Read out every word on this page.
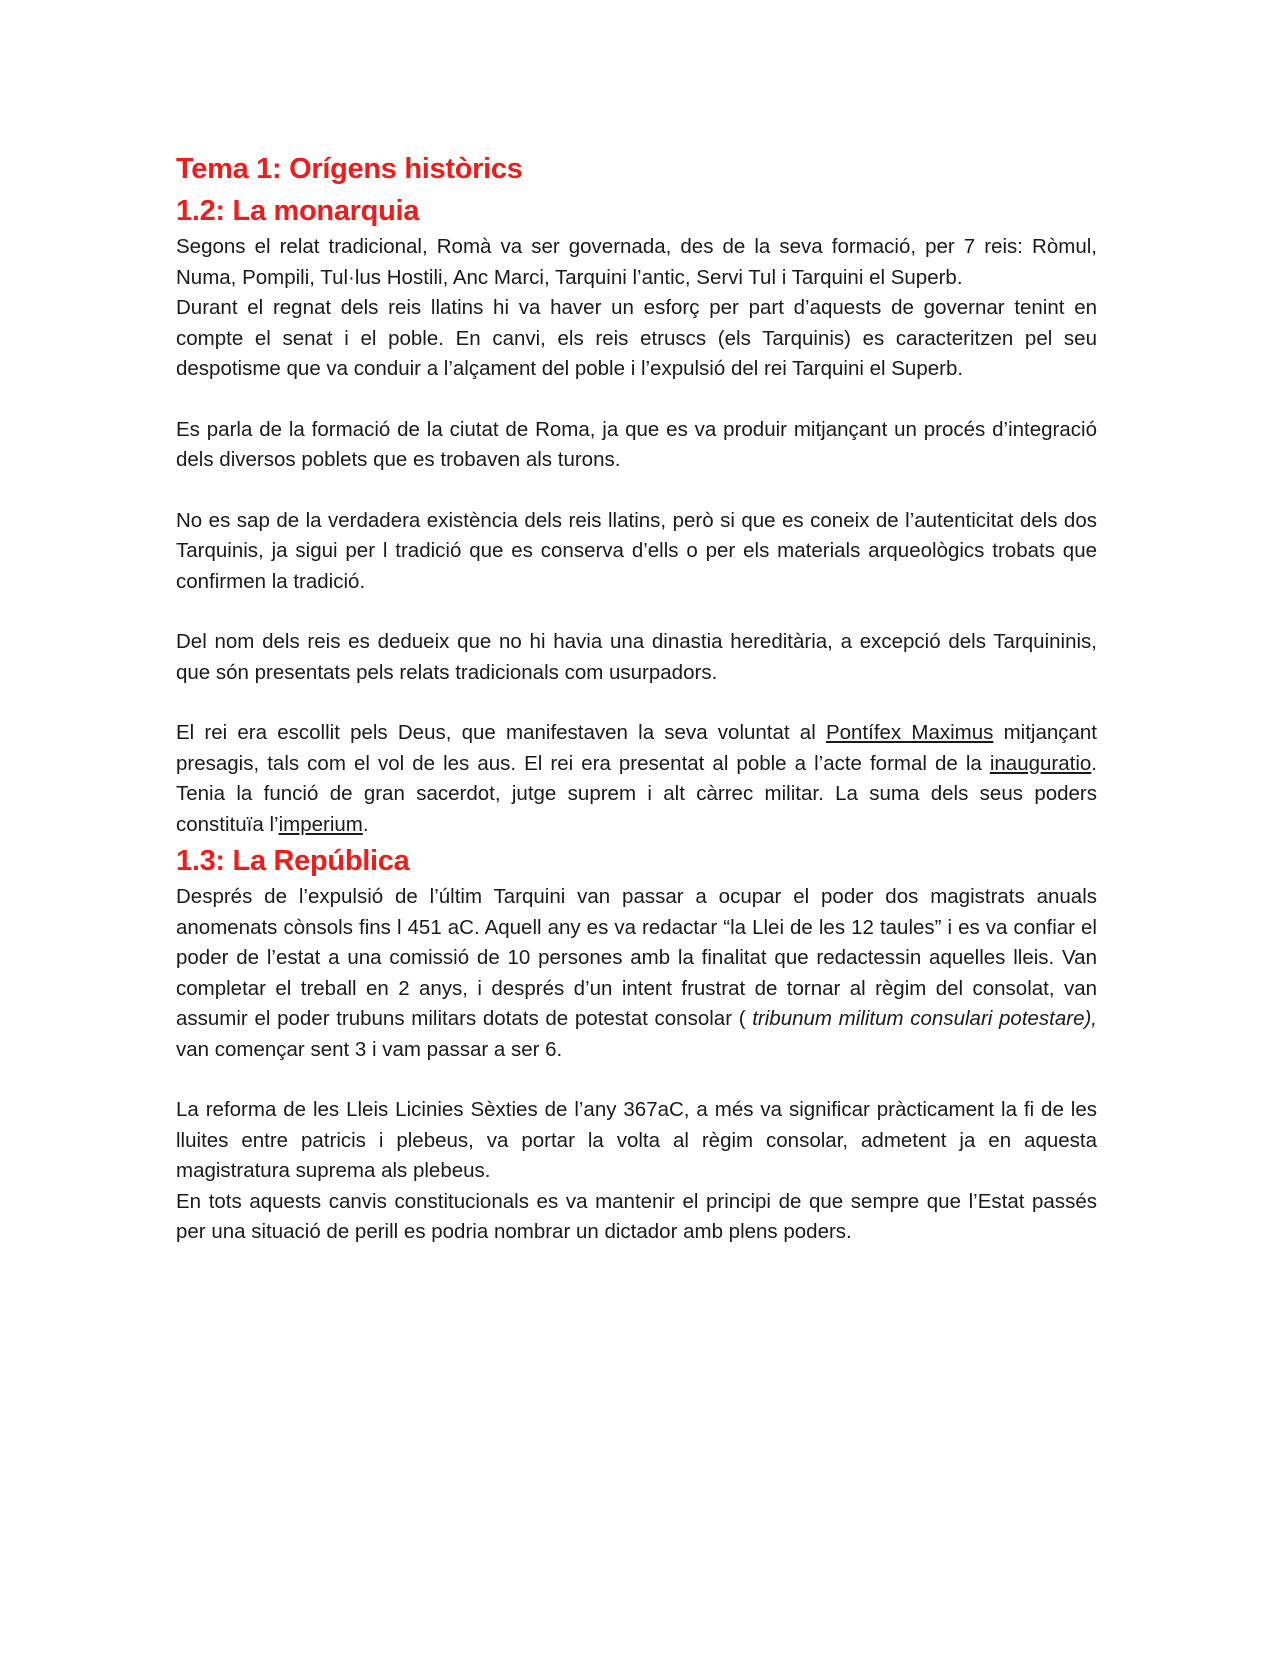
Tema 1: Orígens històrics
1.2: La monarquia

Segons el relat tradicional, Romà va ser governada, des de la seva formació, per 7 reis: Ròmul, Numa, Pompili, Tul·lus Hostili, Anc Marci, Tarquini l’antic, Servi Tul i Tarquini el Superb.

Durant el regnat dels reis llatins hi va haver un esforç per part d’aquests de governar tenint en compte el senat i el poble. En canvi, els reis etruscs (els Tarquinis) es caracteritzen pel seu despotisme que va conduir a l’alçament del poble i l’expulsió del rei Tarquini el Superb.

Es parla de la formació de la ciutat de Roma, ja que es va produir mitjançant un procés d’integració dels diversos poblets que es trobaven als turons.

No es sap de la verdadera existència dels reis llatins, però si que es coneix de l’autenticitat dels dos Tarquinis, ja sigui per l tradició que es conserva d’ells o per els materials arqueològics trobats que confirmen la tradició.

Del nom dels reis es dedueix que no hi havia una dinastia hereditària, a excepció dels Tarquininis, que són presentats pels relats tradicionals com usurpadors.

El rei era escollit pels Deus, que manifestaven la seva voluntat al Pontífex Maximus mitjançant presagis, tals com el vol de les aus. El rei era presentat al poble a l’acte formal de la inauguratio. Tenia la funció de gran sacerdot, jutge suprem i alt càrrec militar. La suma dels seus poders constituïa l’imperium.

1.3: La República

Després de l’expulsió de l’últim Tarquini van passar a ocupar el poder dos magistrats anuals anomenats cònsols fins l 451 aC. Aquell any es va redactar “la Llei de les 12 taules” i es va confiar el poder de l’estat a una comissió de 10 persones amb la finalitat que redactessin aquelles lleis. Van completar el treball en 2 anys, i després d’un intent frustrat de tornar al règim del consolat, van assumir el poder trubuns militars dotats de potestat consolar ( tribunum militum consulari potestare), van començar sent 3 i vam passar a ser 6.

La reforma de les Lleis Licinies Sèxties de l’any 367aC, a més va significar pràcticament la fi de les lluites entre patricis i plebeus, va portar la volta al règim consolar, admetent ja en aquesta magistratura suprema als plebeus.

En tots aquests canvis constitucionals es va mantenir el principi de que sempre que l’Estat passés per una situació de perill es podria nombrar un dictador amb plens poders.
